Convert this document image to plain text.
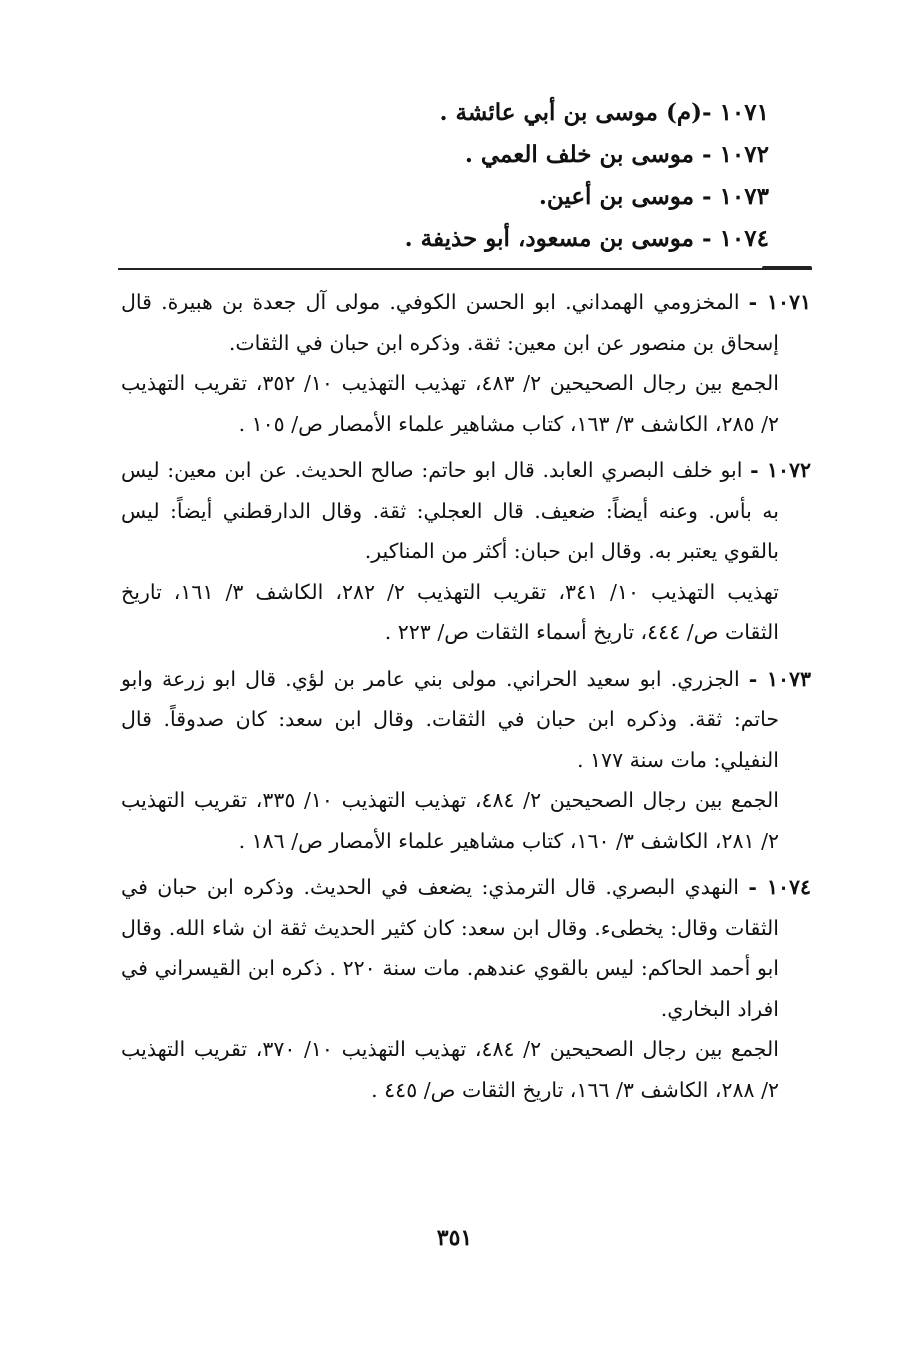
١٠٧١ -(م) موسى بن أبي عائشة .
١٠٧٢ - موسى بن خلف العمي .
١٠٧٣ - موسى بن أعين.
١٠٧٤ - موسى بن مسعود، أبو حذيفة .

١٠٧١ - المخزومي الهمداني. ابو الحسن الكوفي. مولى آل جعدة بن هبيرة. قال إسحاق بن منصور عن ابن معين: ثقة. وذكره ابن حبان في الثقات.

الجمع بين رجال الصحيحين ٢/ ٤٨٣، تهذيب التهذيب ١٠/ ٣٥٢، تقريب التهذيب ٢/ ٢٨٥، الكاشف ٣/ ١٦٣، كتاب مشاهير علماء الأمصار ص/ ١٠٥ .

١٠٧٢ - ابو خلف البصري العابد. قال ابو حاتم: صالح الحديث. عن ابن معين: ليس به بأس. وعنه أيضاً: ضعيف. قال العجلي: ثقة. وقال الدارقطني أيضاً: ليس بالقوي يعتبر به. وقال ابن حبان: أكثر من المناكير.

تهذيب التهذيب ١٠/ ٣٤١، تقريب التهذيب ٢/ ٢٨٢، الكاشف ٣/ ١٦١، تاريخ الثقات ص/ ٤٤٤، تاريخ أسماء الثقات ص/ ٢٢٣ .

١٠٧٣ - الجزري. ابو سعيد الحراني. مولى بني عامر بن لؤي. قال ابو زرعة وابو حاتم: ثقة. وذكره ابن حبان في الثقات. وقال ابن سعد: كان صدوقاً. قال النفيلي: مات سنة ١٧٧ .

الجمع بين رجال الصحيحين ٢/ ٤٨٤، تهذيب التهذيب ١٠/ ٣٣٥، تقريب التهذيب ٢/ ٢٨١، الكاشف ٣/ ١٦٠، كتاب مشاهير علماء الأمصار ص/ ١٨٦ .

١٠٧٤ - النهدي البصري. قال الترمذي: يضعف في الحديث. وذكره ابن حبان في الثقات وقال: يخطىء. وقال ابن سعد: كان كثير الحديث ثقة ان شاء الله. وقال ابو أحمد الحاكم: ليس بالقوي عندهم. مات سنة ٢٢٠ . ذكره ابن القيسراني في افراد البخاري.

الجمع بين رجال الصحيحين ٢/ ٤٨٤، تهذيب التهذيب ١٠/ ٣٧٠، تقريب التهذيب ٢/ ٢٨٨، الكاشف ٣/ ١٦٦، تاريخ الثقات ص/ ٤٤٥ .

٣٥١
